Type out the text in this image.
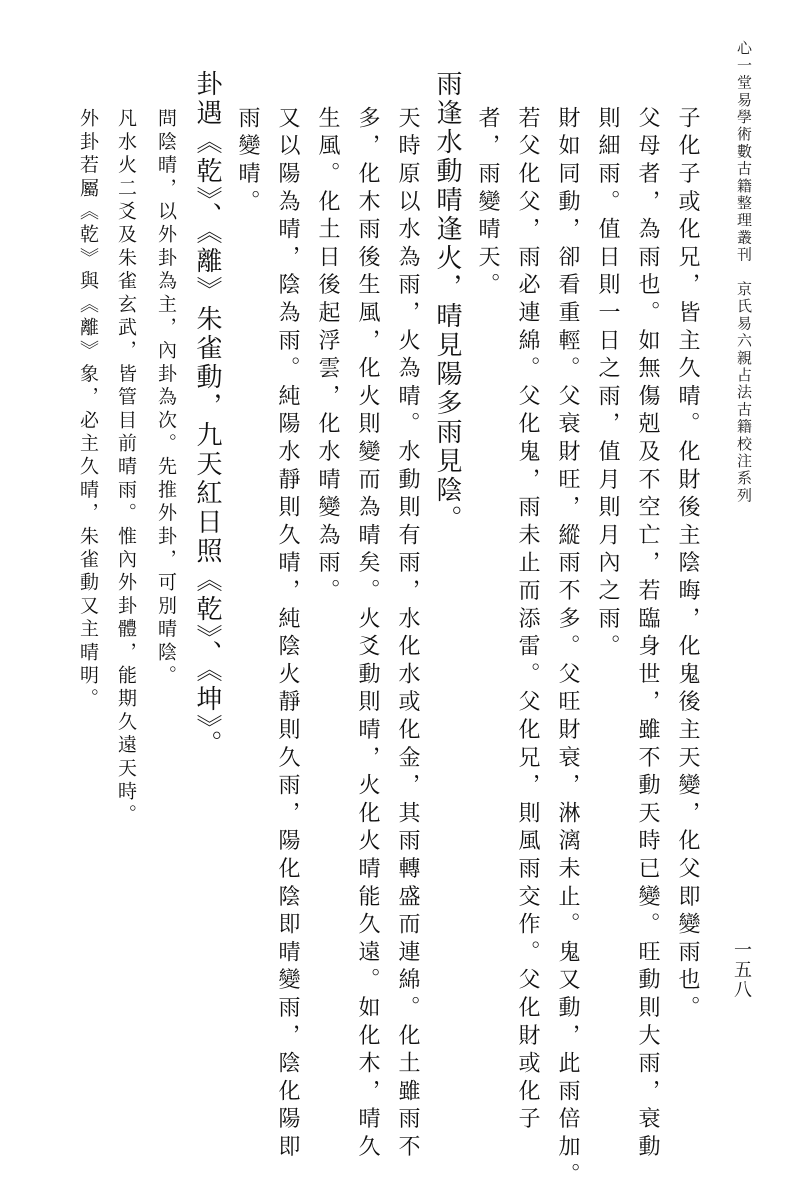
心一堂易學術數古籍整理叢刊　京氏易六親占法古籍校注系列
一五八
子化子或化兄，皆主久晴。化財後主陰晦，化鬼後主天變，化父即變雨也。
父母者，為雨也。如無傷剋及不空亡，若臨身世，雖不動天時已變。旺動則大雨，衰動
則細雨。值日則一日之雨，值月則月內之雨。
財如同動，卻看重輕。父衰財旺，縱雨不多。父旺財衰，淋漓未止。鬼又動，此雨倍加。
若父化父，雨必連綿。父化鬼，雨未止而添雷。父化兄，則風雨交作。父化財或化子
者，雨變晴天。
雨逢水動晴逢火，晴見陽多雨見陰。
天時原以水為雨，火為晴。水動則有雨，水化水或化金，其雨轉盛而連綿。化土雖雨不
多，化木雨後生風，化火則變而為晴矣。火爻動則晴，火化火晴能久遠。如化木，晴久
生風。化土日後起浮雲，化水晴變為雨。
又以陽為晴，陰為雨。純陽水靜則久晴，純陰火靜則久雨，陽化陰即晴變雨，陰化陽即
雨變晴。
卦遇《乾》、《離》朱雀動，九天紅日照《乾》、《坤》。
問陰晴，以外卦為主，內卦為次。先推外卦，可別晴陰。
凡水火二爻及朱雀玄武，皆管目前晴雨。惟內外卦體，能期久遠天時。
外卦若屬《乾》與《離》象，必主久晴，朱雀動又主晴明。
